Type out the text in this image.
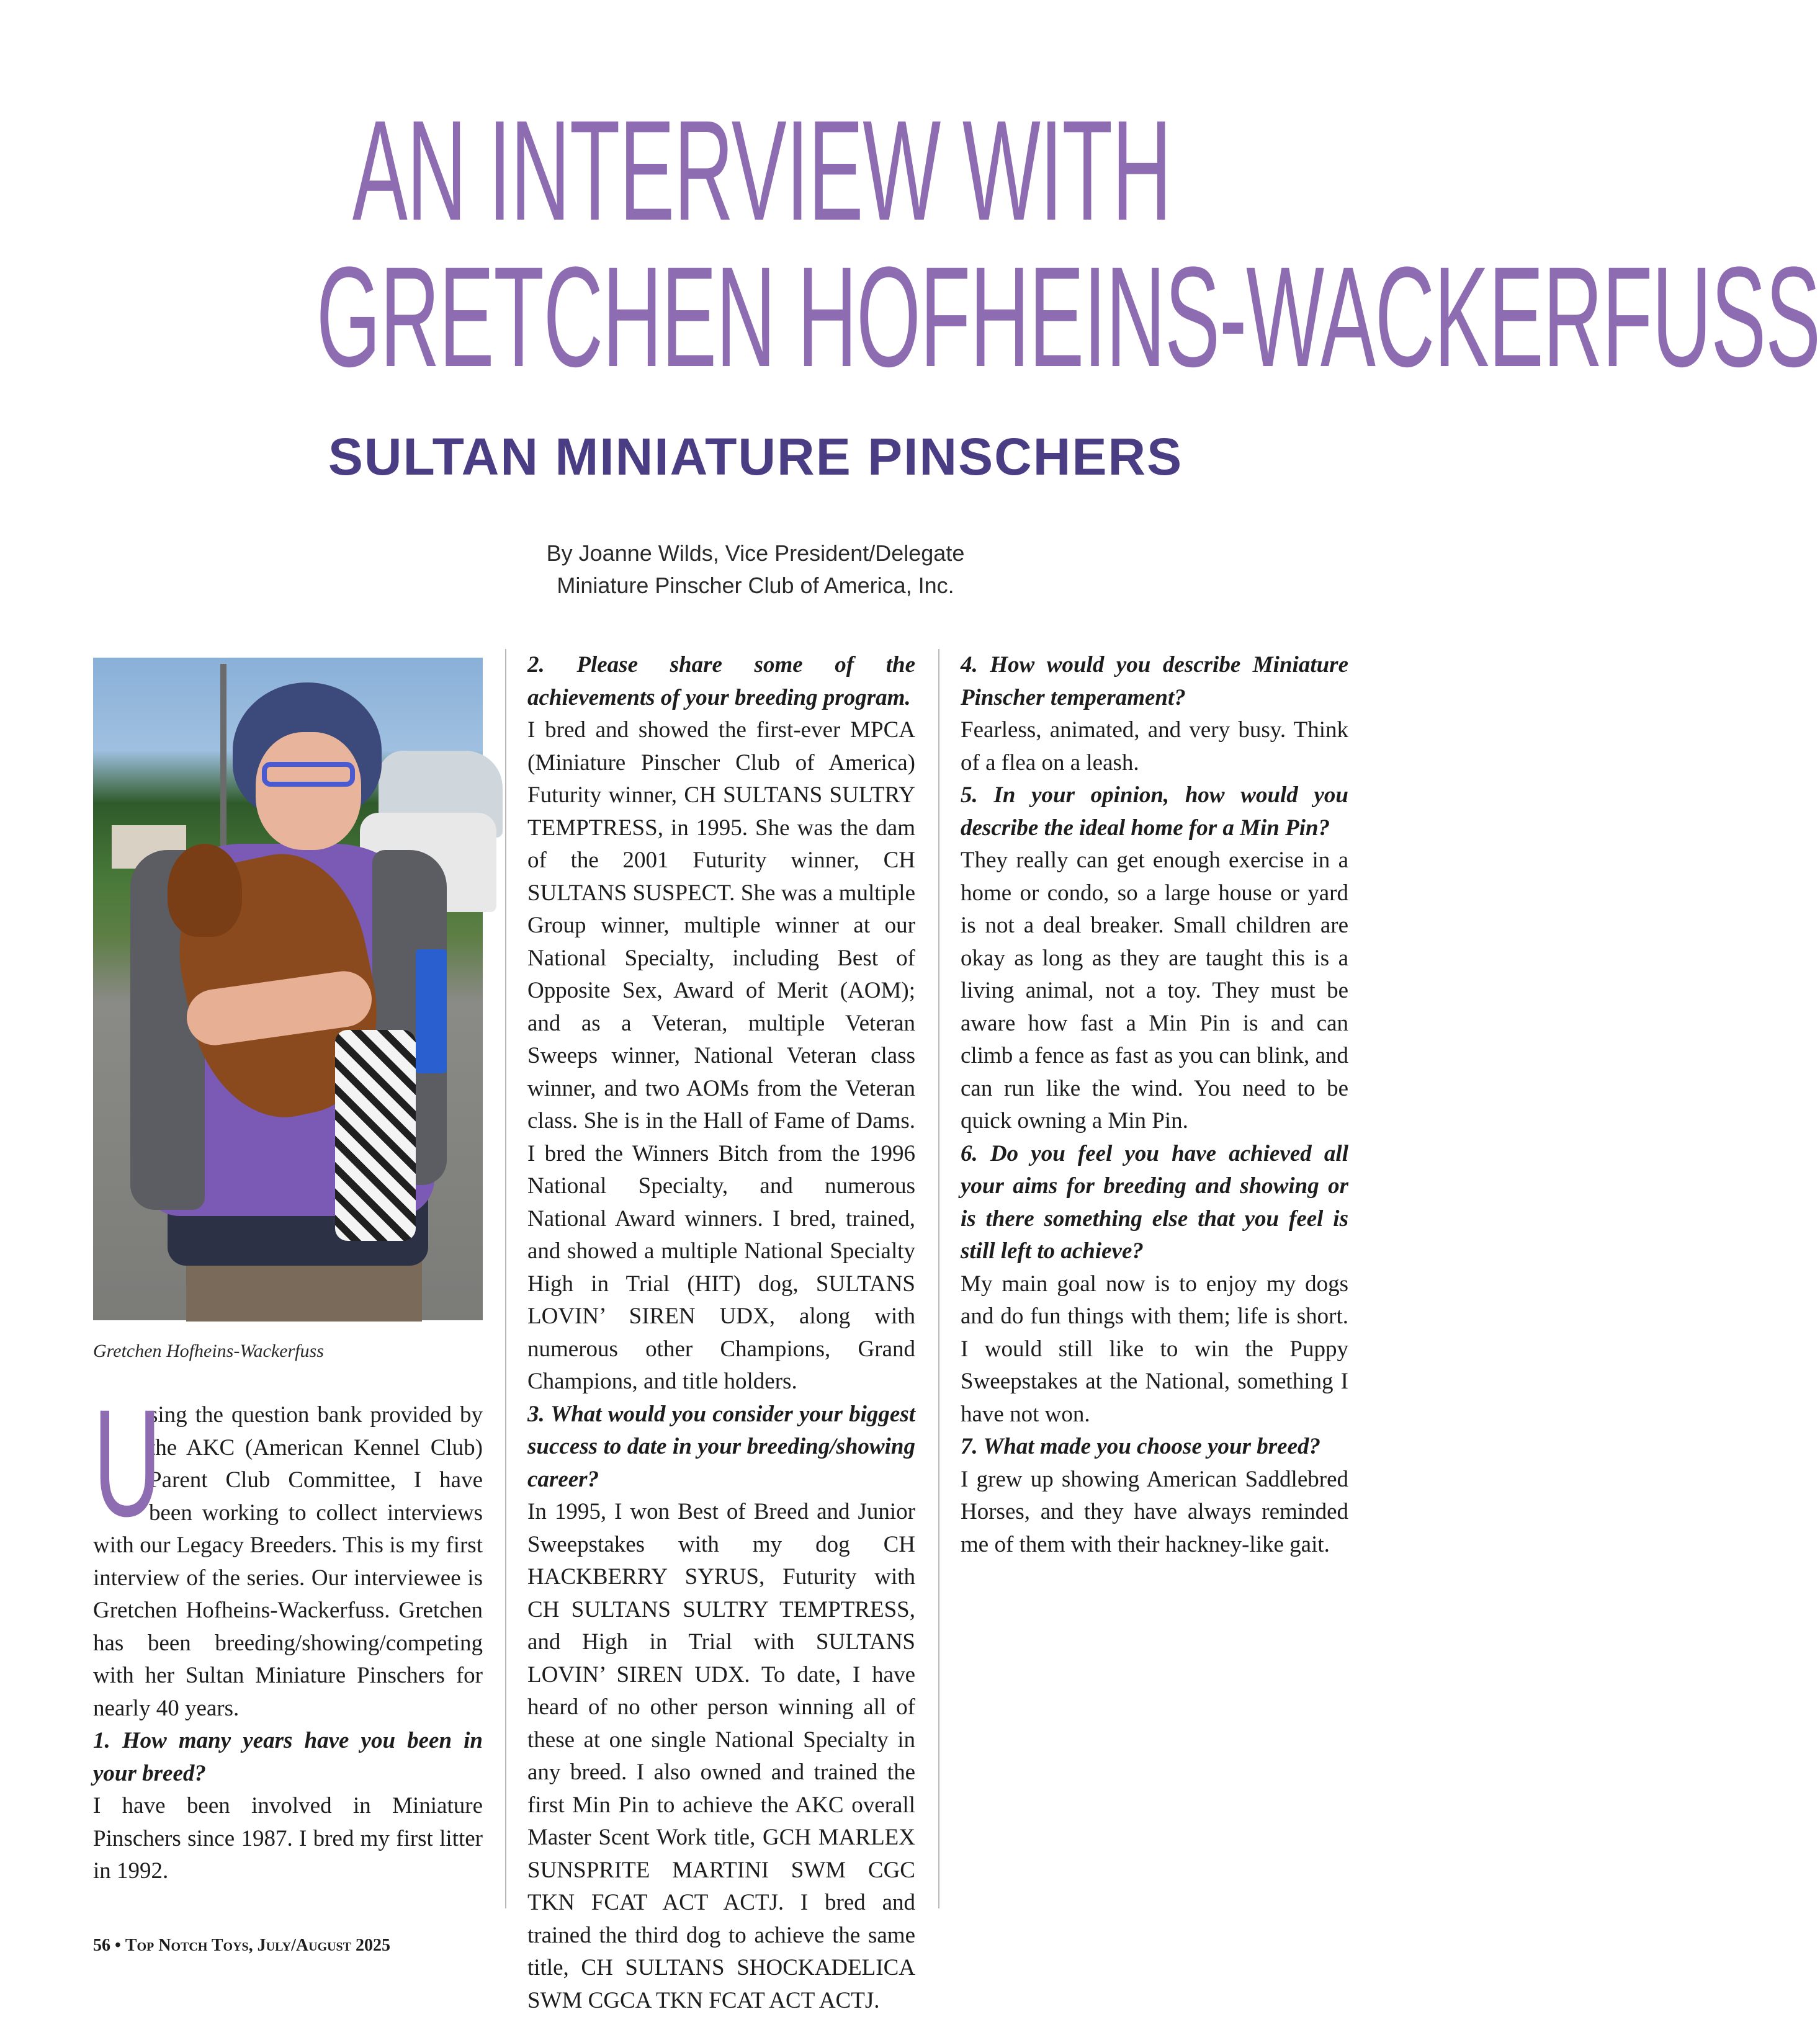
AN INTERVIEW WITH
GRETCHEN HOFHEINS-WACKERFUSS
SULTAN MINIATURE PINSCHERS
By Joanne Wilds, Vice President/Delegate
Miniature Pinscher Club of America, Inc.
Gretchen Hofheins-Wackerfuss

U
sing the question bank provided by the AKC (American Kennel Club) Parent Club Committee, I have been working to collect interviews with our Legacy Breeders. This is my first interview of the series. Our interviewee is Gretchen Hofheins-Wackerfuss. Gretchen has been breeding/showing/competing with her Sultan Miniature Pinschers for nearly 40 years.

1. How many years have you been in your breed?

I have been involved in Miniature Pinschers since 1987. I bred my first litter in 1992.

2. Please share some of the achievements of your breeding program.

I bred and showed the first-ever MPCA (Miniature Pinscher Club of America) Futurity winner, CH SULTANS SULTRY TEMPTRESS, in 1995. She was the dam of the 2001 Futurity winner, CH SULTANS SUSPECT. She was a multiple Group winner, multiple winner at our National Specialty, including Best of Opposite Sex, Award of Merit (AOM); and as a Veteran, multiple Veteran Sweeps winner, National Veteran class winner, and two AOMs from the Veteran class. She is in the Hall of Fame of Dams. I bred the Winners Bitch from the 1996 National Specialty, and numerous National Award winners. I bred, trained, and showed a multiple National Specialty High in Trial (HIT) dog, SULTANS LOVIN’ SIREN UDX, along with numerous other Champions, Grand Champions, and title holders.

3. What would you consider your biggest success to date in your breeding/showing career?

In 1995, I won Best of Breed and Junior Sweepstakes with my dog CH HACKBERRY SYRUS, Futurity with CH SULTANS SULTRY TEMPTRESS, and High in Trial with SULTANS LOVIN’ SIREN UDX. To date, I have heard of no other person winning all of these at one single National Specialty in any breed. I also owned and trained the first Min Pin to achieve the AKC overall Master Scent Work title, GCH MARLEX SUNSPRITE MARTINI SWM CGC TKN FCAT ACT ACTJ. I bred and trained the third dog to achieve the same title, CH SULTANS SHOCKADELICA SWM CGCA TKN FCAT ACT ACTJ.

4. How would you describe Miniature Pinscher temperament?

Fearless, animated, and very busy. Think of a flea on a leash.

5. In your opinion, how would you describe the ideal home for a Min Pin?

They really can get enough exercise in a home or condo, so a large house or yard is not a deal breaker. Small children are okay as long as they are taught this is a living animal, not a toy. They must be aware how fast a Min Pin is and can climb a fence as fast as you can blink, and can run like the wind. You need to be quick owning a Min Pin.

6. Do you feel you have achieved all your aims for breeding and showing or is there something else that you feel is still left to achieve?

My main goal now is to enjoy my dogs and do fun things with them; life is short. I would still like to win the Puppy Sweepstakes at the National, something I have not won.

7. What made you choose your breed?

I grew up showing American Saddlebred Horses, and they have always reminded me of them with their hackney-like gait.

56 • Top Notch Toys, July/August 2025
